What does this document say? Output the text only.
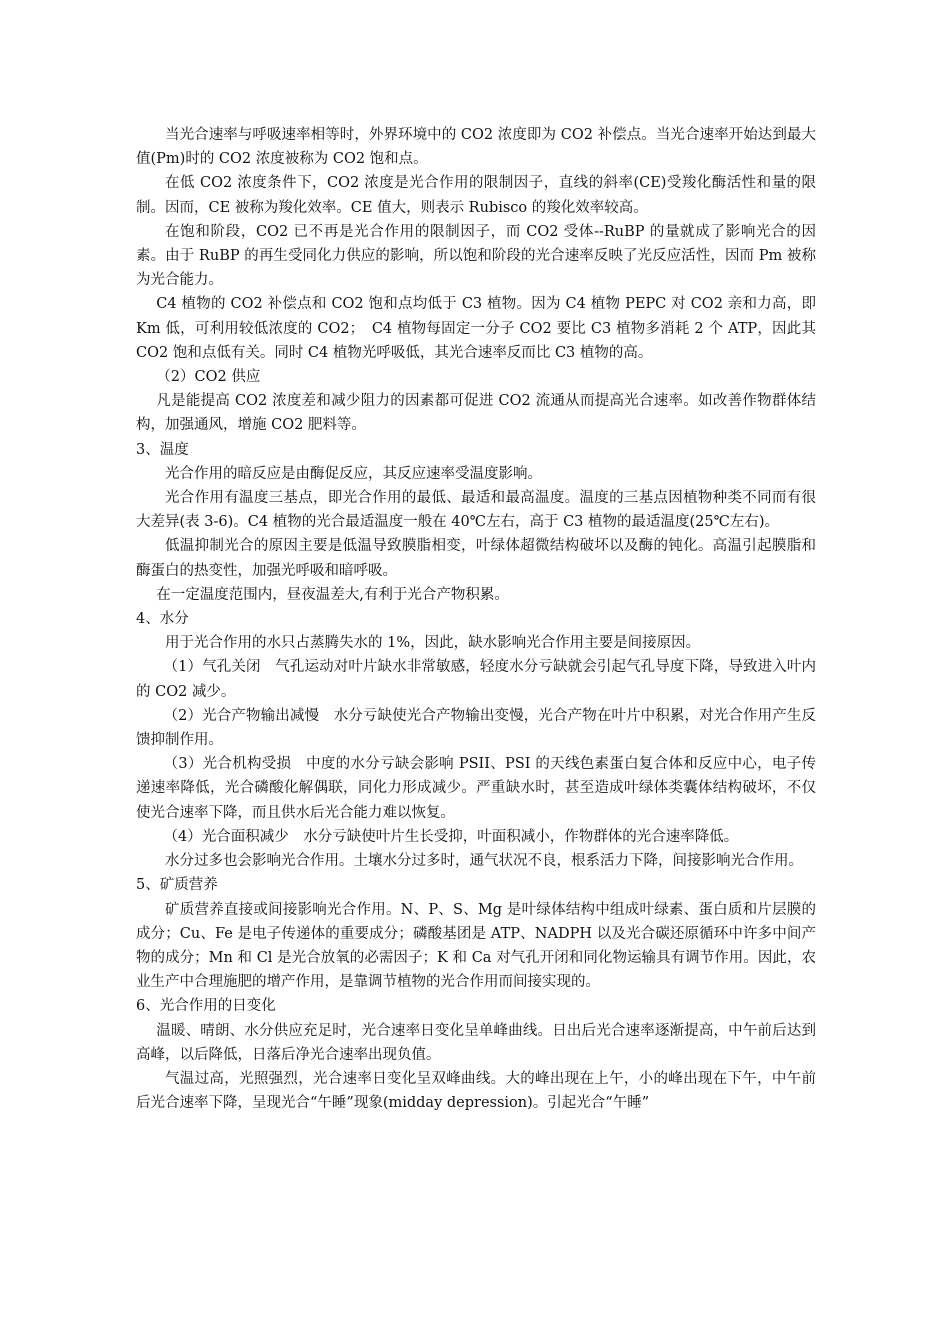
当光合速率与呼吸速率相等时，外界环境中的 CO2 浓度即为 CO2 补偿点。当光合速率开始达到最大值(Pm)时的 CO2 浓度被称为 CO2 饱和点。

在低 CO2 浓度条件下，CO2 浓度是光合作用的限制因子，直线的斜率(CE)受羧化酶活性和量的限制。因而，CE 被称为羧化效率。CE 值大，则表示 Rubisco 的羧化效率较高。

在饱和阶段，CO2 已不再是光合作用的限制因子，而 CO2 受体--RuBP 的量就成了影响光合的因素。由于 RuBP 的再生受同化力供应的影响，所以饱和阶段的光合速率反映了光反应活性，因而 Pm 被称为光合能力。

C4 植物的 CO2 补偿点和 CO2 饱和点均低于 C3 植物。因为 C4 植物 PEPC 对 CO2 亲和力高，即 Km 低，可利用较低浓度的 CO2；　C4 植物每固定一分子 CO2 要比 C3 植物多消耗 2 个 ATP，因此其 CO2 饱和点低有关。同时 C4 植物光呼吸低，其光合速率反而比 C3 植物的高。

（2）CO2 供应

凡是能提高 CO2 浓度差和减少阻力的因素都可促进 CO2 流通从而提高光合速率。如改善作物群体结构，加强通风，增施 CO2 肥料等。

3、温度

光合作用的暗反应是由酶促反应，其反应速率受温度影响。

光合作用有温度三基点，即光合作用的最低、最适和最高温度。温度的三基点因植物种类不同而有很大差异(表 3-6)。C4 植物的光合最适温度一般在 40℃左右，高于 C3 植物的最适温度(25℃左右)。

低温抑制光合的原因主要是低温导致膜脂相变，叶绿体超微结构破坏以及酶的钝化。高温引起膜脂和酶蛋白的热变性，加强光呼吸和暗呼吸。

在一定温度范围内，昼夜温差大,有利于光合产物积累。

4、水分

用于光合作用的水只占蒸腾失水的 1%，因此，缺水影响光合作用主要是间接原因。

（1）气孔关闭　气孔运动对叶片缺水非常敏感，轻度水分亏缺就会引起气孔导度下降，导致进入叶内的 CO2 减少。

（2）光合产物输出减慢　水分亏缺使光合产物输出变慢，光合产物在叶片中积累，对光合作用产生反馈抑制作用。

（3）光合机构受损　中度的水分亏缺会影响 PSII、PSI 的天线色素蛋白复合体和反应中心，电子传递速率降低，光合磷酸化解偶联，同化力形成减少。严重缺水时，甚至造成叶绿体类囊体结构破坏，不仅使光合速率下降，而且供水后光合能力难以恢复。

（4）光合面积减少　水分亏缺使叶片生长受抑，叶面积减小，作物群体的光合速率降低。

水分过多也会影响光合作用。土壤水分过多时，通气状况不良，根系活力下降，间接影响光合作用。

5、矿质营养

矿质营养直接或间接影响光合作用。N、P、S、Mg 是叶绿体结构中组成叶绿素、蛋白质和片层膜的成分；Cu、Fe 是电子传递体的重要成分；磷酸基团是 ATP、NADPH 以及光合碳还原循环中许多中间产物的成分；Mn 和 Cl 是光合放氧的必需因子；K 和 Ca 对气孔开闭和同化物运输具有调节作用。因此，农业生产中合理施肥的增产作用，是靠调节植物的光合作用而间接实现的。

6、光合作用的日变化

温暖、晴朗、水分供应充足时，光合速率日变化呈单峰曲线。日出后光合速率逐渐提高，中午前后达到高峰，以后降低，日落后净光合速率出现负值。

气温过高，光照强烈，光合速率日变化呈双峰曲线。大的峰出现在上午，小的峰出现在下午，中午前后光合速率下降，呈现光合“午睡”现象(midday depression)。引起光合“午睡”
